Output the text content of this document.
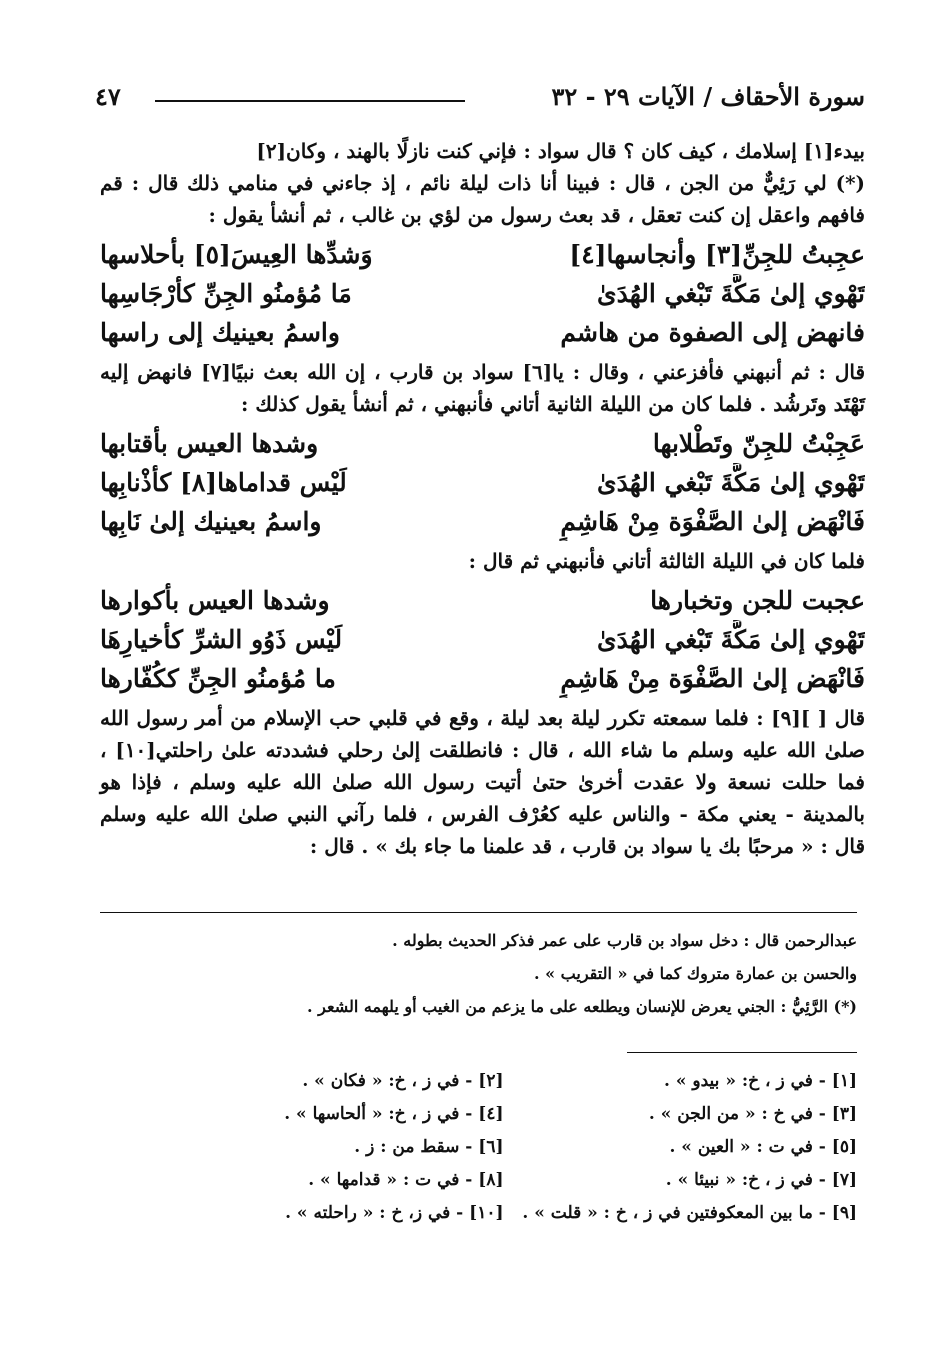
سورة الأحقاف / الآيات ٢٩ - ٣٢
٤٧

بيدء[١] إسلامك ، كيف كان ؟ قال سواد : فإني كنت نازلًا بالهند ، وكان[٢]

(*) لي رَئِيٌّ من الجن ، قال : فبينا أنا ذات ليلة نائم ، إذ جاءني في منامي ذلك قال : قم فافهم واعقل إن كنت تعقل ، قد بعث رسول من لؤي بن غالب ، ثم أنشأ يقول :

عجِبتُ للجِنِّ[٣] وأنجاسها[٤]
وَشدِّها العِيسَ[٥] بأحلاسها
تَهْوي إلىٰ مَكَّةَ تَبْغي الهُدَىٰ
مَا مُؤمنُو الجِنِّ كأرْجَاسِها
فانهض إلى الصفوة من هاشم
واسمُ بعينيك إلى راسها

قال : ثم أنبهني فأفزعني ، وقال : يا[٦] سواد بن قارب ، إن الله بعث نبيًا[٧] فانهض إليه تَهْتَد وتَرشُد . فلما كان من الليلة الثانية أتاني فأنبهني ، ثم أنشأ يقول كذلك :

عَجِبْتُ للجِنّ وتَطْلابها
وشدها العيس بأقتابها
تَهْوي إلىٰ مَكَّةَ تَبْغي الهُدَىٰ
لَيْس قداماها[٨] كأذْنابِها
فَانْهَض إلىٰ الصَّفْوَة مِنْ هَاشِمٍ
واسمُ بعينيك إلىٰ نَابِها

فلما كان في الليلة الثالثة أتاني فأنبهني ثم قال :

عجبت للجن وتخبارها
وشدها العيس بأكوارها
تَهْوي إلىٰ مَكَّةَ تَبْغي الهُدَىٰ
لَيْس ذَوُو الشرِّ كأخيارِهَا
فَانْهَض إلىٰ الصَّفْوَة مِنْ هَاشِمٍ
ما مُؤمنُو الجِنِّ ككُفّارها

قال [ ][٩] : فلما سمعته تكرر ليلة بعد ليلة ، وقع في قلبي حب الإسلام من أمر رسول الله صلىٰ الله عليه وسلم ما شاء الله ، قال : فانطلقت إلىٰ رحلي فشددته علىٰ راحلتي[١٠] ، فما حللت نسعة ولا عقدت أخرىٰ حتىٰ أتيت رسول الله صلىٰ الله عليه وسلم ، فإذا هو بالمدينة - يعني مكة - والناس عليه كعُرْف الفرس ، فلما رآني النبي صلىٰ الله عليه وسلم قال : « مرحبًا بك يا سواد بن قارب ، قد علمنا ما جاء بك » . قال :

عبدالرحمن قال : دخل سواد بن قارب على عمر فذكر الحديث بطوله .

والحسن بن عمارة متروك كما في « التقريب » .

(*) الرَّئِيُّ : الجني يعرض للإنسان ويطلعه على ما يزعم من الغيب أو يلهمه الشعر .

[١] - في ز ، خ: « بيدو » .
[٢] - في ز ، خ: « فكان » .
[٣] - في خ : « من الجن » .
[٤] - في ز ، خ: « ألحاسها » .
[٥] - في ت : « العين » .
[٦] - سقط من : ز .
[٧] - في ز ، خ: « نبيئا » .
[٨] - في ت : « قدامها » .
[٩] - ما بين المعكوفتين في ز ، خ : « قلت » .
[١٠] - في ز، خ : « راحلته » .
